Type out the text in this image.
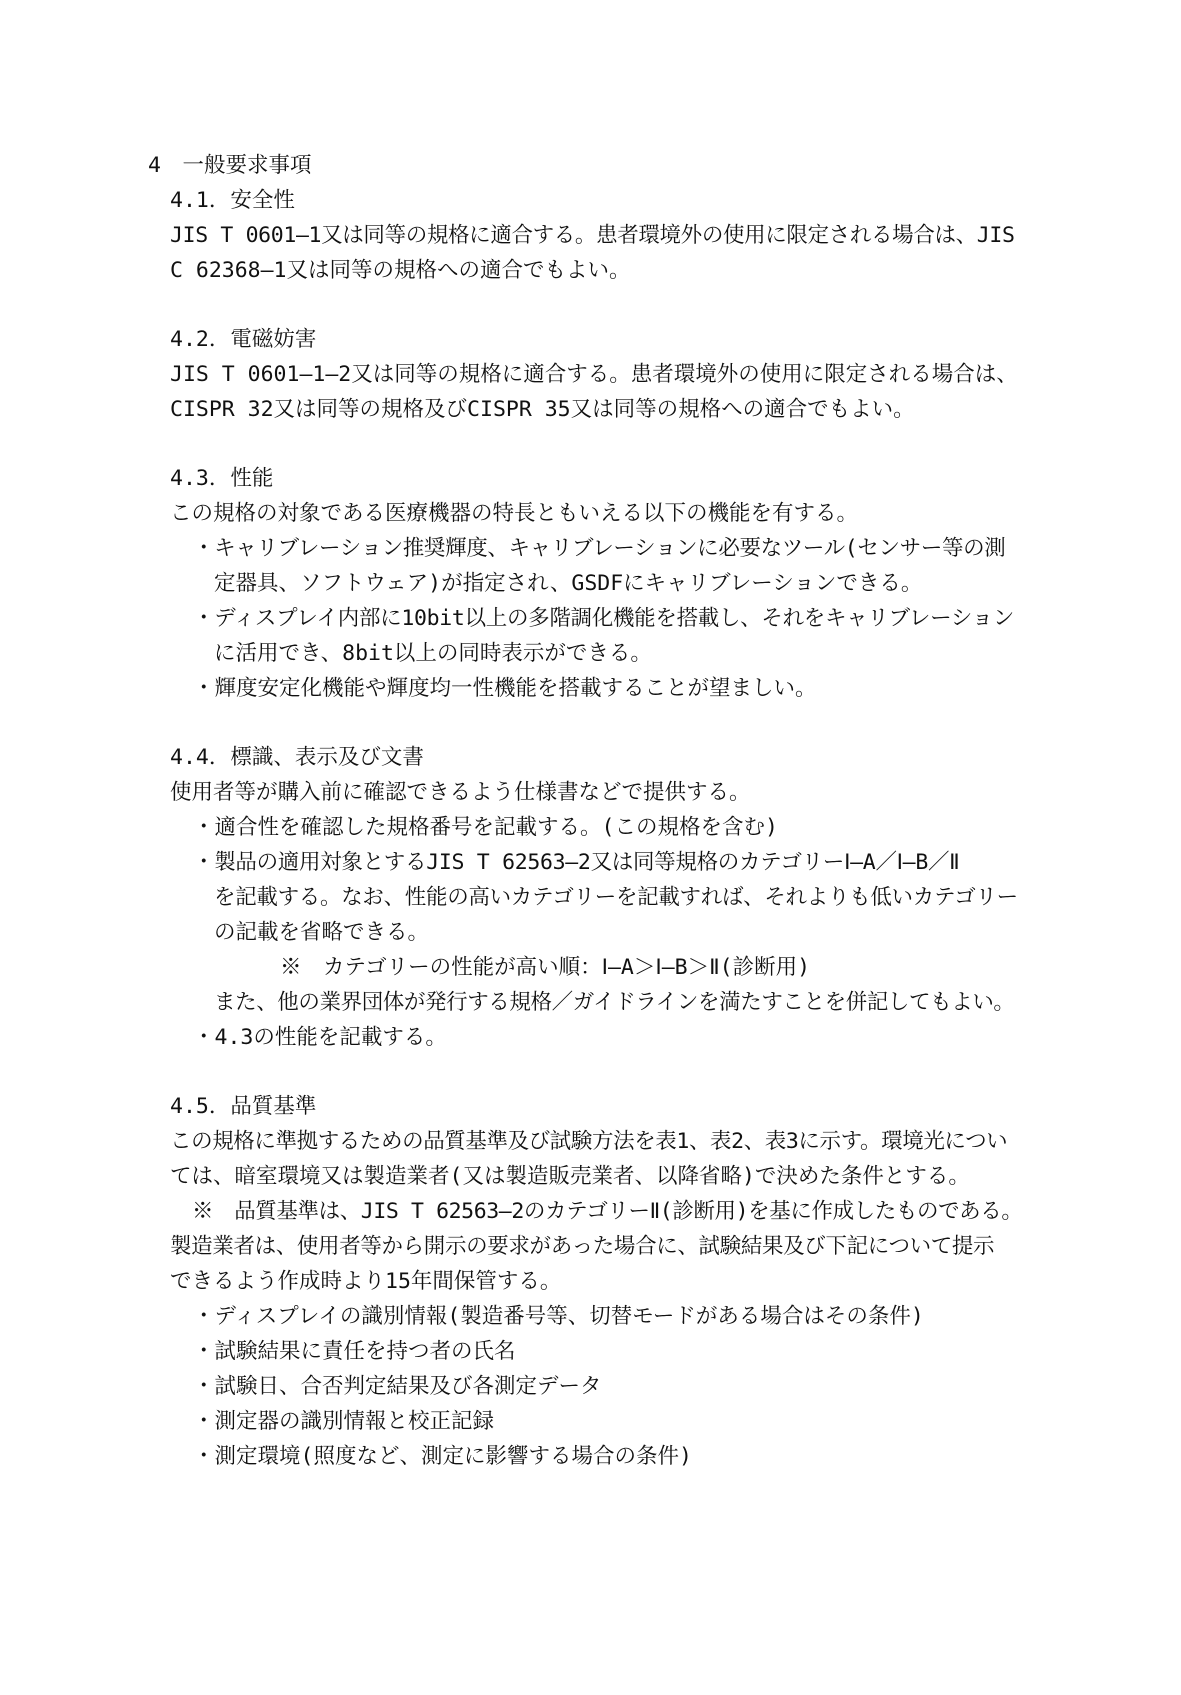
4　一般要求事項
4.1．安全性
JIS T 0601―1又は同等の規格に適合する。患者環境外の使用に限定される場合は、JIS
C 62368―1又は同等の規格への適合でもよい。
4.2．電磁妨害
JIS T 0601―1―2又は同等の規格に適合する。患者環境外の使用に限定される場合は、
CISPR 32又は同等の規格及びCISPR 35又は同等の規格への適合でもよい。
4.3．性能
この規格の対象である医療機器の特長ともいえる以下の機能を有する。
・キャリブレーション推奨輝度、キャリブレーションに必要なツール(センサー等の測
定器具、ソフトウェア)が指定され、GSDFにキャリブレーションできる。
・ディスプレイ内部に10bit以上の多階調化機能を搭載し、それをキャリブレーション
に活用でき、8bit以上の同時表示ができる。
・輝度安定化機能や輝度均一性機能を搭載することが望ましい。
4.4．標識、表示及び文書
使用者等が購入前に確認できるよう仕様書などで提供する。
・適合性を確認した規格番号を記載する。(この規格を含む)
・製品の適用対象とするJIS T 62563―2又は同等規格のカテゴリーⅠ―A／Ⅰ―B／Ⅱ
を記載する。なお、性能の高いカテゴリーを記載すれば、それよりも低いカテゴリー
の記載を省略できる。
※　カテゴリーの性能が高い順：Ⅰ―A＞Ⅰ―B＞Ⅱ(診断用)
また、他の業界団体が発行する規格／ガイドラインを満たすことを併記してもよい。
・4.3の性能を記載する。
4.5．品質基準
この規格に準拠するための品質基準及び試験方法を表1、表2、表3に示す。環境光につい
ては、暗室環境又は製造業者(又は製造販売業者、以降省略)で決めた条件とする。
※　品質基準は、JIS T 62563―2のカテゴリーⅡ(診断用)を基に作成したものである。
製造業者は、使用者等から開示の要求があった場合に、試験結果及び下記について提示
できるよう作成時より15年間保管する。
・ディスプレイの識別情報(製造番号等、切替モードがある場合はその条件)
・試験結果に責任を持つ者の氏名
・試験日、合否判定結果及び各測定データ
・測定器の識別情報と校正記録
・測定環境(照度など、測定に影響する場合の条件)
